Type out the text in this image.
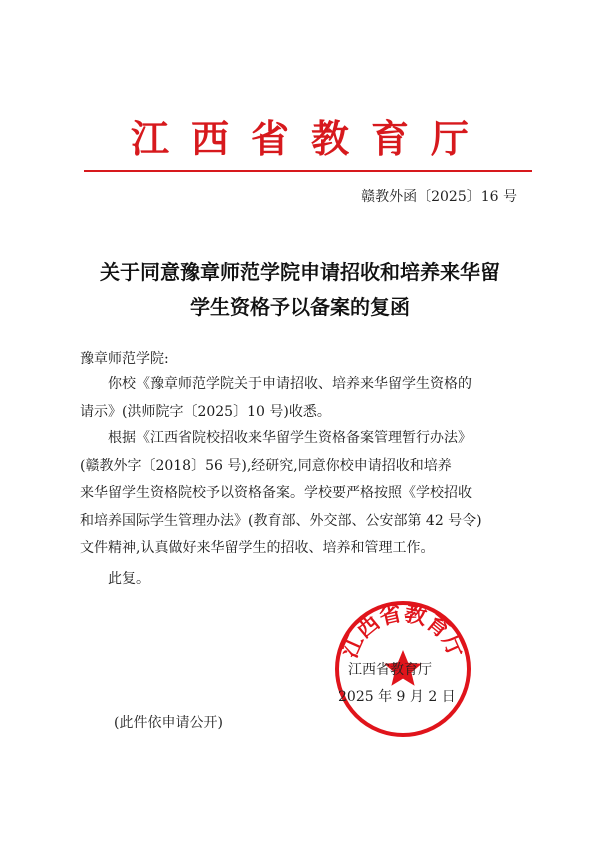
江西省教育厅
赣教外函〔2025〕16 号
关于同意豫章师范学院申请招收和培养来华留
学生资格予以备案的复函
豫章师范学院:

你校《豫章师范学院关于申请招收、培养来华留学生资格的
请示》(洪师院字〔2025〕10 号)收悉。

根据《江西省院校招收来华留学生资格备案管理暂行办法》
(赣教外字〔2018〕56 号),经研究,同意你校申请招收和培养
来华留学生资格院校予以资格备案。学校要严格按照《学校招收
和培养国际学生管理办法》(教育部、外交部、公安部第 42 号令)
文件精神,认真做好来华留学生的招收、培养和管理工作。

此复。

江西省教育厅
江西省教育厅
2025 年 9 月 2 日
(此件依申请公开)
